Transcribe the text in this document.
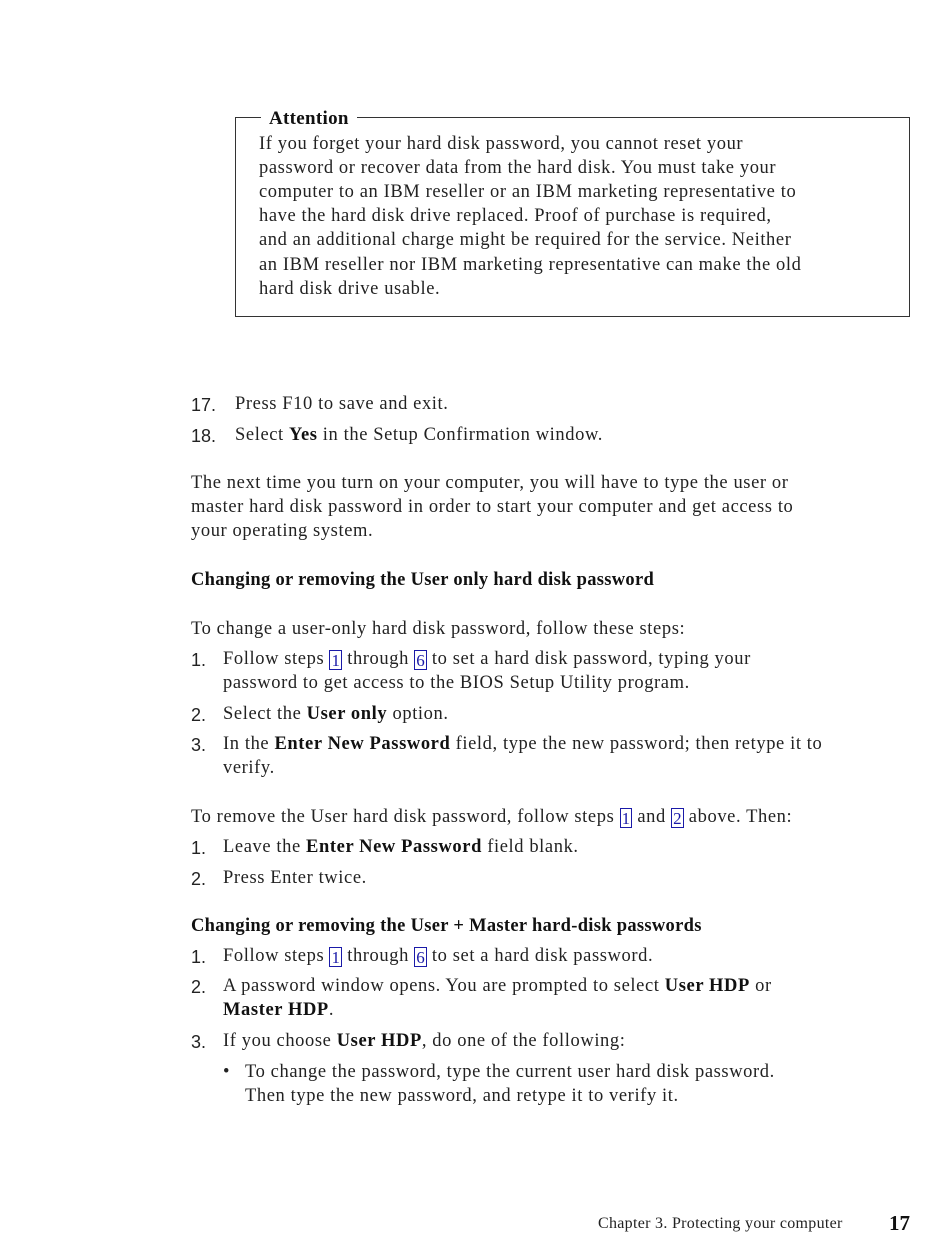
Attention
If you forget your hard disk password, you cannot reset your
password or recover data from the hard disk. You must take your
computer to an IBM reseller or an IBM marketing representative to
have the hard disk drive replaced. Proof of purchase is required,
and an additional charge might be required for the service. Neither
an IBM reseller nor IBM marketing representative can make the old
hard disk drive usable.
17. Press F10 to save and exit.
18. Select Yes in the Setup Confirmation window.
The next time you turn on your computer, you will have to type the user or
master hard disk password in order to start your computer and get access to
your operating system.
Changing or removing the User only hard disk password
To change a user-only hard disk password, follow these steps:
1. Follow steps 1 through 6 to set a hard disk password, typing your
password to get access to the BIOS Setup Utility program.
2. Select the User only option.
3. In the Enter New Password field, type the new password; then retype it to
verify.
To remove the User hard disk password, follow steps 1 and 2 above. Then:
1. Leave the Enter New Password field blank.
2. Press Enter twice.
Changing or removing the User + Master hard-disk passwords
1. Follow steps 1 through 6 to set a hard disk password.
2. A password window opens. You are prompted to select User HDP or
Master HDP.
3. If you choose User HDP, do one of the following:
• To change the password, type the current user hard disk password.
Then type the new password, and retype it to verify it.
Chapter 3. Protecting your computer 17
